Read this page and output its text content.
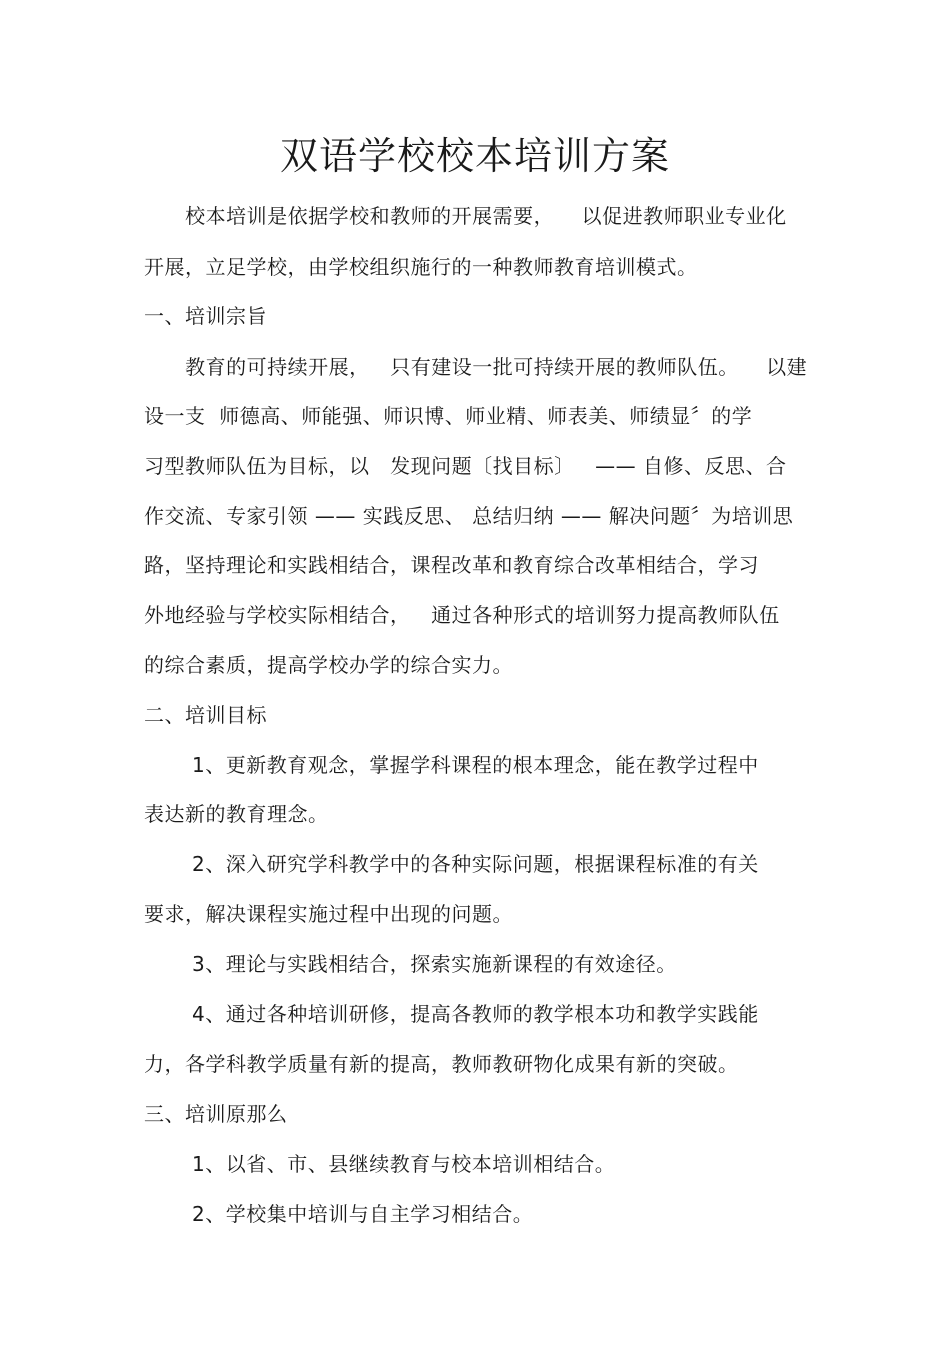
双语学校校本培训方案
校本培训是依据学校和教师的开展需要，    以促进教师职业专业化
开展，立足学校，由学校组织施行的一种教师教育培训模式。
一、培训宗旨
教育的可持续开展，   只有建设一批可持续开展的教师队伍。    以建
设一支  师德高、师能强、师识博、师业精、师表美、师绩显〞的学
习型教师队伍为目标，以   发现问题〔找目标〕   —— 自修、反思、合
作交流、专家引领 —— 实践反思、 总结归纳 —— 解决问题〞为培训思
路，坚持理论和实践相结合，课程改革和教育综合改革相结合，学习
外地经验与学校实际相结合，   通过各种形式的培训努力提高教师队伍
的综合素质，提高学校办学的综合实力。
二、培训目标
1、更新教育观念，掌握学科课程的根本理念，能在教学过程中
表达新的教育理念。
2、深入研究学科教学中的各种实际问题，根据课程标准的有关
要求，解决课程实施过程中出现的问题。
3、理论与实践相结合，探索实施新课程的有效途径。
4、通过各种培训研修，提高各教师的教学根本功和教学实践能
力，各学科教学质量有新的提高，教师教研物化成果有新的突破。
三、培训原那么
1、以省、市、县继续教育与校本培训相结合。
2、学校集中培训与自主学习相结合。
